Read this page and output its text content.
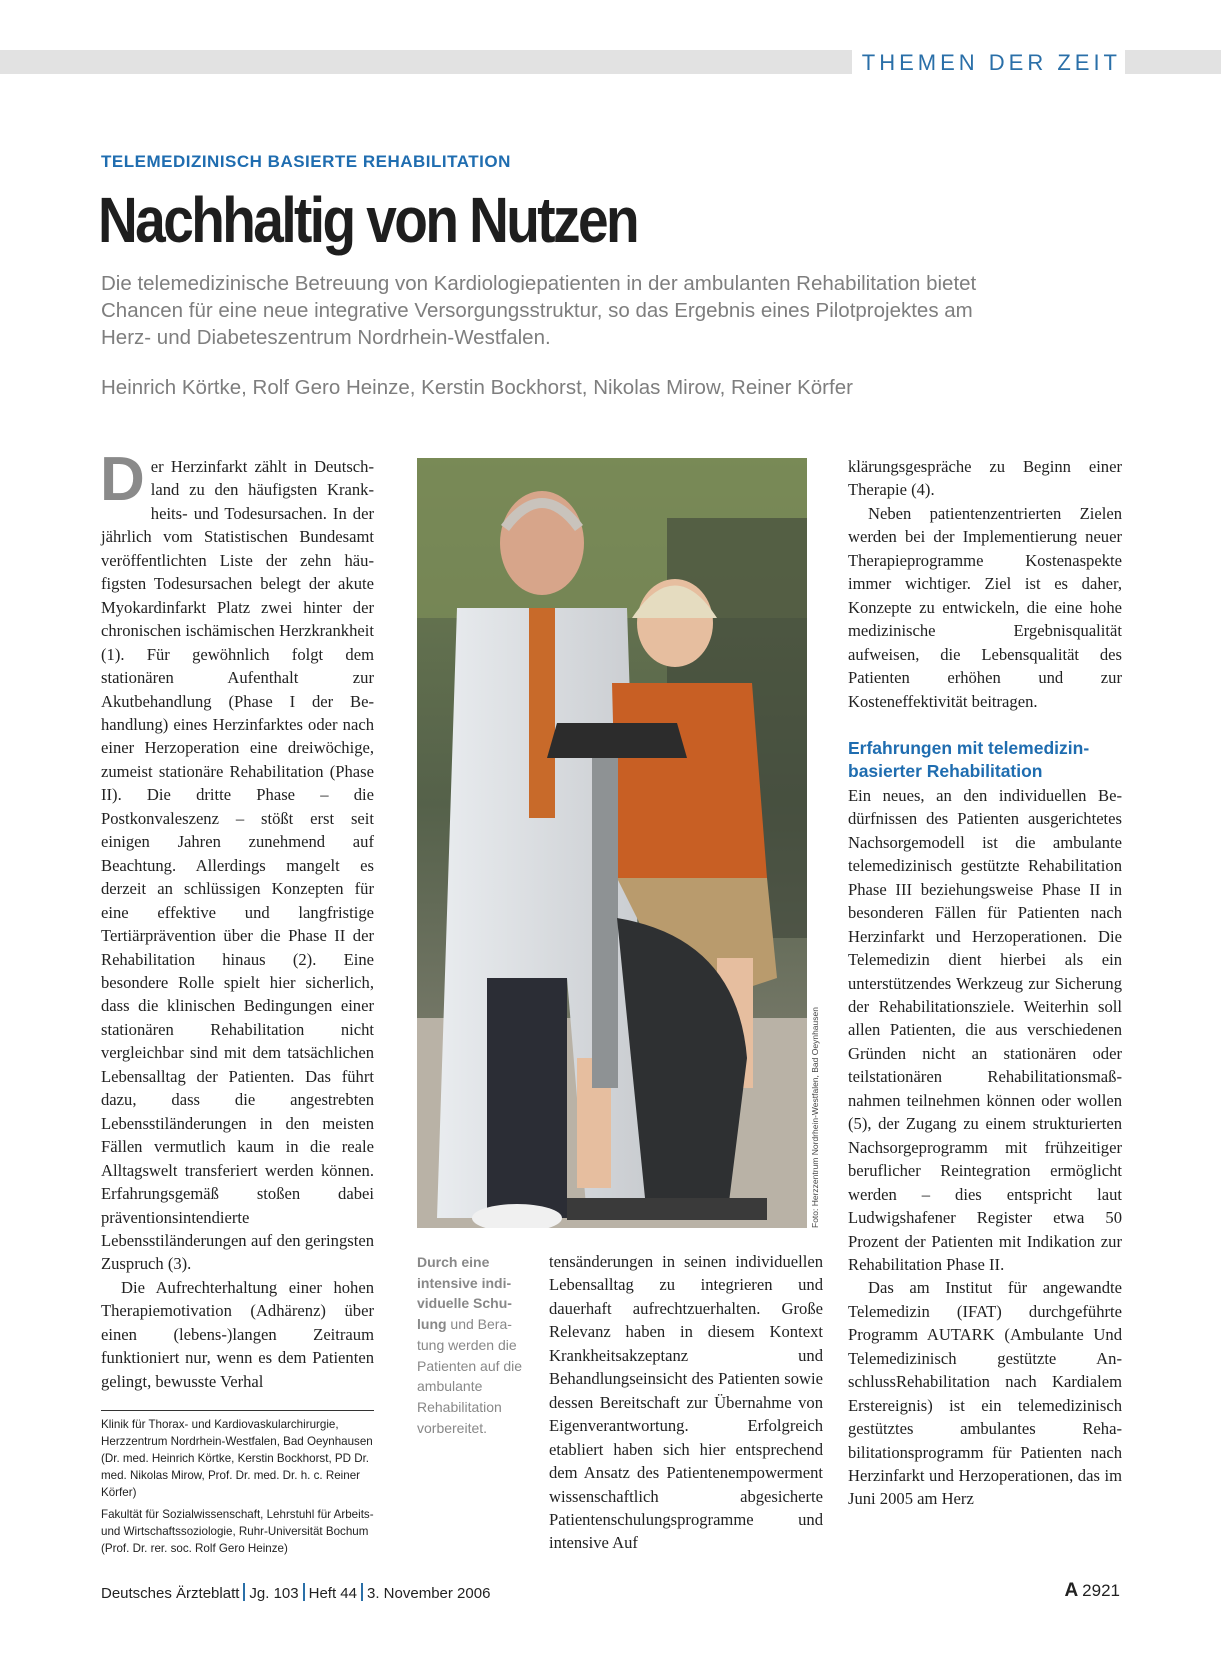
THEMEN DER ZEIT
TELEMEDIZINISCH BASIERTE REHABILITATION
Nachhaltig von Nutzen

Die telemedizinische Betreuung von Kardiologiepatienten in der ambulanten Rehabilitation bietet Chancen für eine neue integrative Versorgungsstruktur, so das Ergebnis eines Pilotprojektes am Herz- und Diabeteszentrum Nordrhein-Westfalen.

Heinrich Körtke, Rolf Gero Heinze, Kerstin Bockhorst, Nikolas Mirow, Reiner Körfer

Der Herzinfarkt zählt in Deutschland zu den häufigsten Krankheits- und Todesursachen. In der jährlich vom Statistischen Bundesamt veröffentlichten Liste der zehn häufigsten Todesursachen belegt der akute Myokardinfarkt Platz zwei hinter der chronischen ischämischen Herzkrankheit (1). Für gewöhnlich folgt dem stationären Aufenthalt zur Akutbehandlung (Phase I der Behandlung) eines Herzinfarktes oder nach einer Herzoperation eine dreiwöchige, zumeist stationäre Rehabilitation (Phase II). Die dritte Phase – die Postkonvaleszenz – stößt erst seit einigen Jahren zunehmend auf Beachtung. Allerdings mangelt es derzeit an schlüssigen Konzepten für eine effektive und langfristige Tertiärprävention über die Phase II der Rehabilitation hinaus (2). Eine besondere Rolle spielt hier sicherlich, dass die klinischen Bedingungen einer stationären Rehabilitation nicht vergleichbar sind mit dem tatsächlichen Lebensalltag der Patienten. Das führt dazu, dass die angestrebten Lebensstiländerungen in den meisten Fällen vermutlich kaum in die reale Alltagswelt transferiert werden können. Erfahrungsgemäß stoßen dabei präventionsintendierte Lebensstiländerungen auf den geringsten Zuspruch (3).

Die Aufrechterhaltung einer hohen Therapiemotivation (Adhärenz) über einen (lebens-)langen Zeitraum funktioniert nur, wenn es dem Patienten gelingt, bewusste Verhal

Foto: Herzzentrum Nordrhein-Westfalen, Bad Oeynhausen
Durch eine intensive individuelle Schulung und Beratung werden die Patienten auf die ambulante Rehabilitation vorbereitet.

tensänderungen in seinen individuellen Lebensalltag zu integrieren und dauerhaft aufrechtzuerhalten. Große Relevanz haben in diesem Kontext Krankheitsakzeptanz und Behandlungseinsicht des Patienten sowie dessen Bereitschaft zur Übernahme von Eigenverantwortung. Erfolgreich etabliert haben sich hier entsprechend dem Ansatz des Patientenempowerment wissenschaftlich abgesicherte Patientenschulungsprogramme und intensive Auf

klärungsgespräche zu Beginn einer Therapie (4).

Neben patientenzentrierten Zielen werden bei der Implementierung neuer Therapieprogramme Kostenaspekte immer wichtiger. Ziel ist es daher, Konzepte zu entwickeln, die eine hohe medizinische Ergebnisqualität aufweisen, die Lebensqualität des Patienten erhöhen und zur Kosteneffektivität beitragen.

Erfahrungen mit telemedizinbasierter Rehabilitation

Ein neues, an den individuellen Bedürfnissen des Patienten ausgerichtetes Nachsorgemodell ist die ambulante telemedizinisch gestützte Rehabilitation Phase III beziehungsweise Phase II in besonderen Fällen für Patienten nach Herzinfarkt und Herzoperationen. Die Telemedizin dient hierbei als ein unterstützendes Werkzeug zur Sicherung der Rehabilitationsziele. Weiterhin soll allen Patienten, die aus verschiedenen Gründen nicht an stationären oder teilstationären Rehabilitationsmaßnahmen teilnehmen können oder wollen (5), der Zugang zu einem strukturierten Nachsorgeprogramm mit frühzeitiger beruflicher Reintegration ermöglicht werden – dies entspricht laut Ludwigshafener Register etwa 50 Prozent der Patienten mit Indikation zur Rehabilitation Phase II.

Das am Institut für angewandte Telemedizin (IFAT) durchgeführte Programm AUTARK (Ambulante Und Telemedizinisch gestützte AnschlussRehabilitation nach Kardialem Erstereignis) ist ein telemedizinisch gestütztes ambulantes Rehabilitationsprogramm für Patienten nach Herzinfarkt und Herzoperationen, das im Juni 2005 am Herz

Klinik für Thorax- und Kardiovaskularchirurgie, Herzzentrum Nordrhein-Westfalen, Bad Oeynhausen (Dr. med. Heinrich Körtke, Kerstin Bockhorst, PD Dr. med. Nikolas Mirow, Prof. Dr. med. Dr. h. c. Reiner Körfer)

Fakultät für Sozialwissenschaft, Lehrstuhl für Arbeits- und Wirtschaftssoziologie, Ruhr-Universität Bochum (Prof. Dr. rer. soc. Rolf Gero Heinze)

Deutsches Ärzteblatt Jg. 103 Heft 44 3. November 2006	A 2921
